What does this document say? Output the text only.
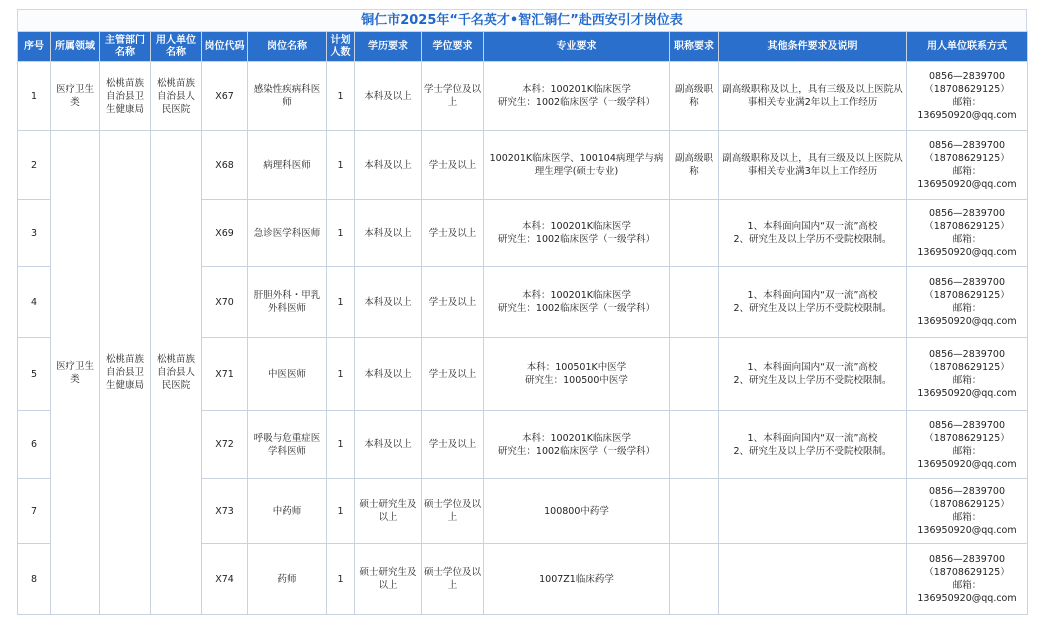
铜仁市2025年“千名英才•智汇铜仁”赴西安引才岗位表
序号	所属领域	主管部门名称	用人单位名称	岗位代码	岗位名称	计划人数	学历要求	学位要求	专业要求	职称要求	其他条件要求及说明	用人单位联系方式
1	医疗卫生类	松桃苗族自治县卫生健康局	松桃苗族自治县人民医院	X67	感染性疾病科医师	1	本科及以上	学士学位及以上	本科：100201K临床医学
研究生：1002临床医学（一级学科）	副高级职称	副高级职称及以上，具有三级及以上医院从事相关专业满2年以上工作经历	0856—2839700
（18708629125）
邮箱：
136950920@qq.com
2	医疗卫生类	松桃苗族自治县卫生健康局	松桃苗族自治县人民医院	X68	病理科医师	1	本科及以上	学士及以上	100201K临床医学、100104病理学与病理生理学(硕士专业)	副高级职称	副高级职称及以上，具有三级及以上医院从事相关专业满3年以上工作经历	0856—2839700
（18708629125）
邮箱：
136950920@qq.com
3				X69	急诊医学科医师	1	本科及以上	学士及以上	本科：100201K临床医学
研究生：1002临床医学（一级学科）		1、本科面向国内“双一流”高校
2、研究生及以上学历不受院校限制。	0856—2839700
（18708629125）
邮箱：
136950920@qq.com
4				X70	肝胆外科・甲乳外科医师	1	本科及以上	学士及以上	本科：100201K临床医学
研究生：1002临床医学（一级学科）		1、本科面向国内“双一流”高校
2、研究生及以上学历不受院校限制。	0856—2839700
（18708629125）
邮箱：
136950920@qq.com
5				X71	中医医师	1	本科及以上	学士及以上	本科：100501K中医学
研究生：100500中医学		1、本科面向国内“双一流”高校
2、研究生及以上学历不受院校限制。	0856—2839700
（18708629125）
邮箱：
136950920@qq.com
6				X72	呼吸与危重症医学科医师	1	本科及以上	学士及以上	本科：100201K临床医学
研究生：1002临床医学（一级学科）		1、本科面向国内“双一流”高校
2、研究生及以上学历不受院校限制。	0856—2839700
（18708629125）
邮箱：
136950920@qq.com
7				X73	中药师	1	硕士研究生及以上	硕士学位及以上	100800中药学			0856—2839700
（18708629125）
邮箱：
136950920@qq.com
8				X74	药师	1	硕士研究生及以上	硕士学位及以上	1007Z1临床药学			0856—2839700
（18708629125）
邮箱：
136950920@qq.com
